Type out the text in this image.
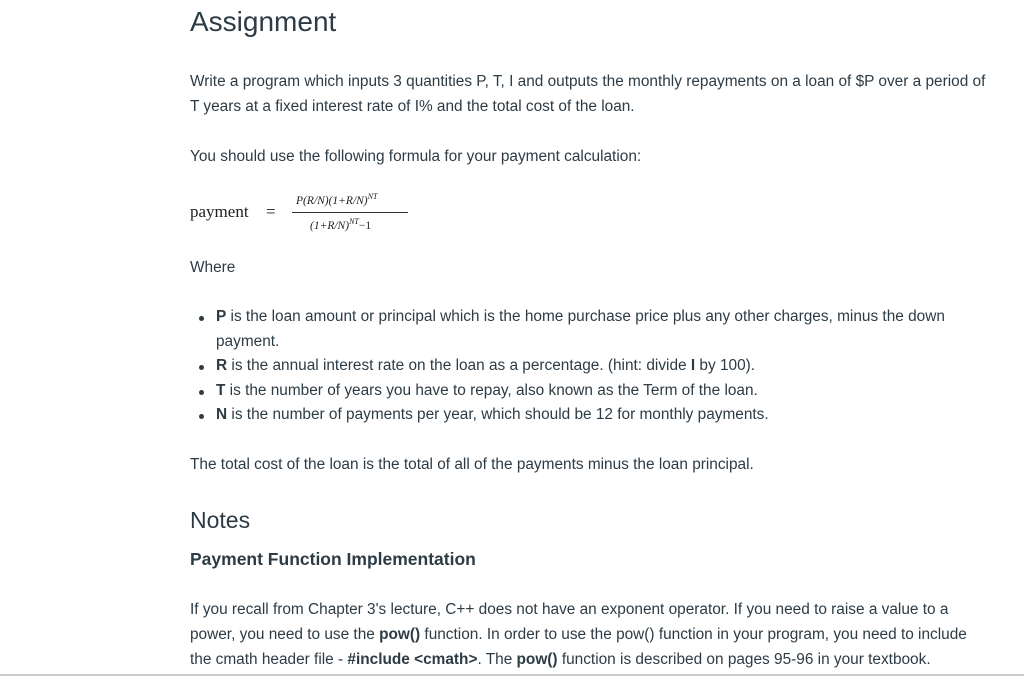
Assignment
Write a program which inputs 3 quantities P, T, I and outputs the monthly repayments on a loan of $P over a period of
T years at a fixed interest rate of I% and the total cost of the loan.
You should use the following formula for your payment calculation:
payment =
$P(R/N)(1+R/N)^{NT}$
$(1+R/N)^{NT}-1$
Where
P is the loan amount or principal which is the home purchase price plus any other charges, minus the down
payment.
R is the annual interest rate on the loan as a percentage. (hint: divide I by 100).
T is the number of years you have to repay, also known as the Term of the loan.
N is the number of payments per year, which should be 12 for monthly payments.
The total cost of the loan is the total of all of the payments minus the loan principal.
Notes
Payment Function Implementation
If you recall from Chapter 3's lecture, C++ does not have an exponent operator. If you need to raise a value to a
power, you need to use the pow() function. In order to use the pow() function in your program, you need to include
the cmath header file - #include <cmath>. The pow() function is described on pages 95-96 in your textbook.
